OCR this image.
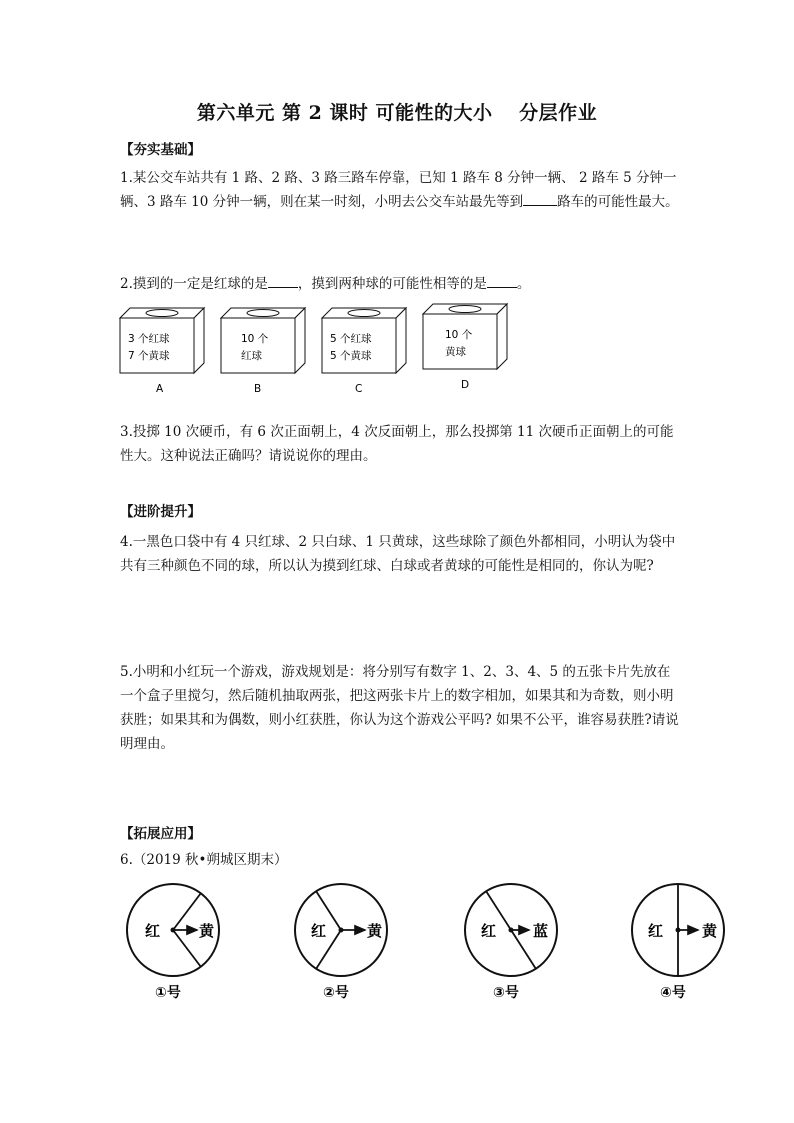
第六单元 第 2 课时 可能性的大小　 分层作业
【夯实基础】
1.某公交车站共有 1 路、2 路、3 路三路车停靠，已知 1 路车 8 分钟一辆、 2 路车 5 分钟一辆、3 路车 10 分钟一辆，则在某一时刻，小明去公交车站最先等到	路车的可能性最大。
2.摸到的一定是红球的是 ，摸到两种球的可能性相等的是 。
3 个红球
7 个黄球
A
10 个
红球
B
5 个红球
5 个黄球
C
10 个
黄球
D
3.投掷 10 次硬币，有 6 次正面朝上，4 次反面朝上，那么投掷第 11 次硬币正面朝上的可能性大。这种说法正确吗？请说说你的理由。
【进阶提升】
4.一黑色口袋中有 4 只红球、2 只白球、1 只黄球，这些球除了颜色外都相同，小明认为袋中共有三种颜色不同的球，所以认为摸到红球、白球或者黄球的可能性是相同的，你认为呢?
5.小明和小红玩一个游戏，游戏规划是：将分别写有数字 1、2、3、4、5 的五张卡片先放在一个盒子里搅匀，然后随机抽取两张，把这两张卡片上的数字相加，如果其和为奇数，则小明获胜；如果其和为偶数，则小红获胜，你认为这个游戏公平吗? 如果不公平，谁容易获胜?请说明理由。
【拓展应用】
6.（2019 秋•朔城区期末）
红	黄
①号
红	黄
②号
红 蓝
③号
红	黄
④号
